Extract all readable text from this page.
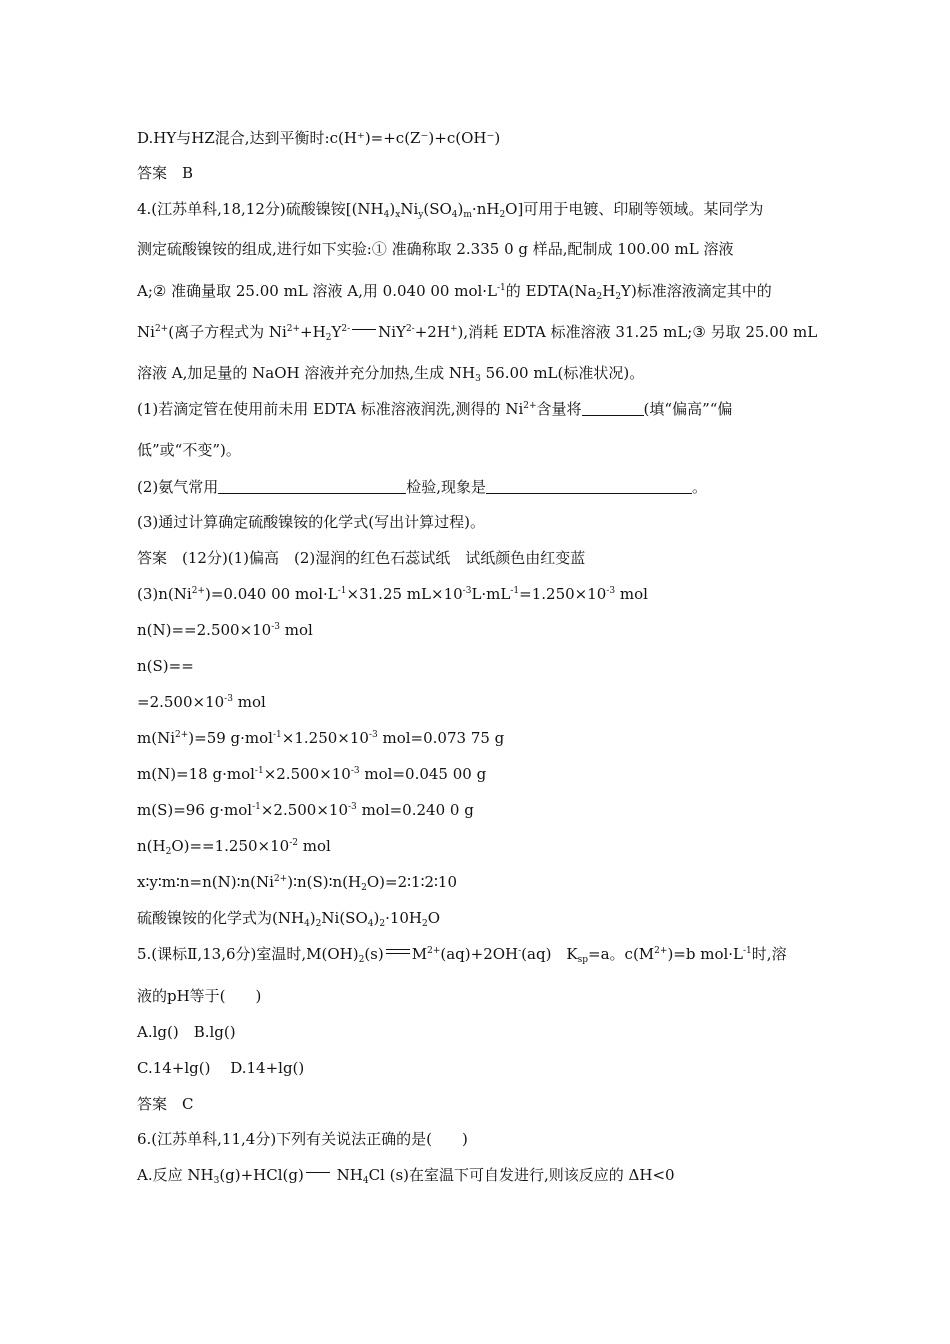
D.HY与HZ混合,达到平衡时:c(H⁺)=+c(Z⁻)+c(OH⁻)
答案　B
4.(江苏单科,18,12分)硫酸镍铵$[(NH_4)_xNi_y(SO_4)_m\cdot nH_2O]$可用于电镀、印刷等领域。某同学为
测定硫酸镍铵的组成,进行如下实验:① 准确称取 2.335 0 g 样品,配制成 100.00 mL 溶液
A;② 准确量取 25.00 mL 溶液 A,用 0.040 00 $mol\cdot L^{-1}$的 $EDTA(Na_2H_2Y)$标准溶液滴定其中的
$Ni^{2+}$(离子方程式为 $Ni^{2+}+H_2Y^{2-}$ NiY$^{2-}$+2H+),消耗 EDTA 标准溶液 31.25 mL;③ 另取 25.00 mL
溶液 A,加足量的 NaOH 溶液并充分加热,生成 $NH_3$ 56.00 mL(标准状况)。
(1)若滴定管在使用前未用 EDTA 标准溶液润洗,测得的 $Ni^{2+}$含量将	(填“偏高”“偏
低”或“不变”)。
(2)氨气常用	检验,现象是	。
(3)通过计算确定硫酸镍铵的化学式(写出计算过程)。
答案　(12分)(1)偏高　(2)湿润的红色石蕊试纸　试纸颜色由红变蓝
$(3)n(Ni^{2+})=0.040$ 00 $mol\cdot L^{-1}\times 31.25$ $mL\times 10^{-3}L\cdot mL^{-1}=1.250\times 10^{-3}$ mol
$n(N)==2.500\times 10^{-3}$ mol
n(S)==
$=2.500\times 10^{-3}$ mol
$m(Ni^{2+})=59$ $g\cdot mol^{-1}\times 1.250\times 10^{-3}$ mol=0.073 75 g
m(N)=18 $g\cdot mol^{-1}\times 2.500\times 10^{-3}$ mol=0.045 00 g
m(S)=96 $g\cdot mol^{-1}\times 2.500\times 10^{-3}$ mol=0.240 0 g
$n(H_2O)==1.250\times 10^{-2}$ mol
$x∶y∶m∶n=n(N)∶n(Ni^{2+})∶n(S)∶n(H_2O)=2∶1∶2∶10$
硫酸镍铵的化学式为$(NH_4)_2Ni(SO_4)_2\cdot 10H_2O$
5.(课标Ⅱ,13,6分)室温时$,M(OH)_2(s)$ $M^{2+}(aq)+2OH^-(aq)$　$K_{sp}=a$。$c(M^{2+})=b$ $mol\cdot L^{-1}$时,溶
液的pH等于(　　)
A.lg()　B.lg()
C.14+lg()　 D.14+lg()
答案　C
6.(江苏单科,11,4分)下列有关说法正确的是(　　)
A.反应 $NH_3(g)+HCl(g)$ $NH_4Cl$ (s)在室温下可自发进行,则该反应的 ΔH<0
